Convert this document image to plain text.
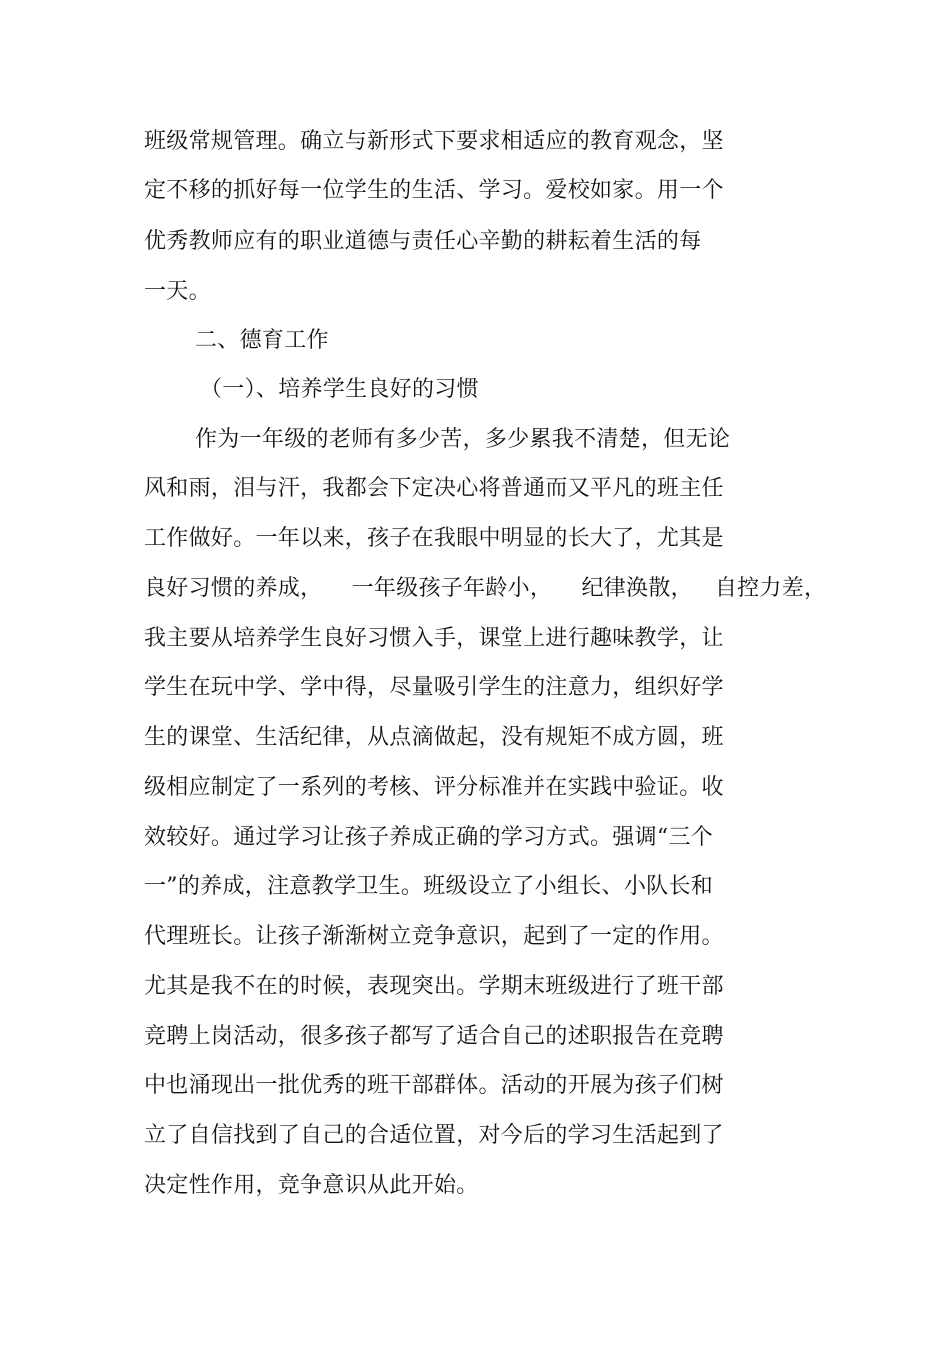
班级常规管理。确立与新形式下要求相适应的教育观念，坚
定不移的抓好每一位学生的生活、学习。爱校如家。用一个
优秀教师应有的职业道德与责任心辛勤的耕耘着生活的每
一天。
二、德育工作
（一）、培养学生良好的习惯
作为一年级的老师有多少苦，多少累我不清楚，但无论
风和雨，泪与汗，我都会下定决心将普通而又平凡的班主任
工作做好。一年以来，孩子在我眼中明显的长大了，尤其是
良好习惯的养成，    一年级孩子年龄小，    纪律涣散，   自控力差，
我主要从培养学生良好习惯入手，课堂上进行趣味教学，让
学生在玩中学、学中得，尽量吸引学生的注意力，组织好学
生的课堂、生活纪律，从点滴做起，没有规矩不成方圆，班
级相应制定了一系列的考核、评分标准并在实践中验证。收
效较好。通过学习让孩子养成正确的学习方式。强调“三个
一”的养成，注意教学卫生。班级设立了小组长、小队长和
代理班长。让孩子渐渐树立竞争意识，起到了一定的作用。
尤其是我不在的时候，表现突出。学期末班级进行了班干部
竞聘上岗活动，很多孩子都写了适合自己的述职报告在竞聘
中也涌现出一批优秀的班干部群体。活动的开展为孩子们树
立了自信找到了自己的合适位置，对今后的学习生活起到了
决定性作用，竞争意识从此开始。
